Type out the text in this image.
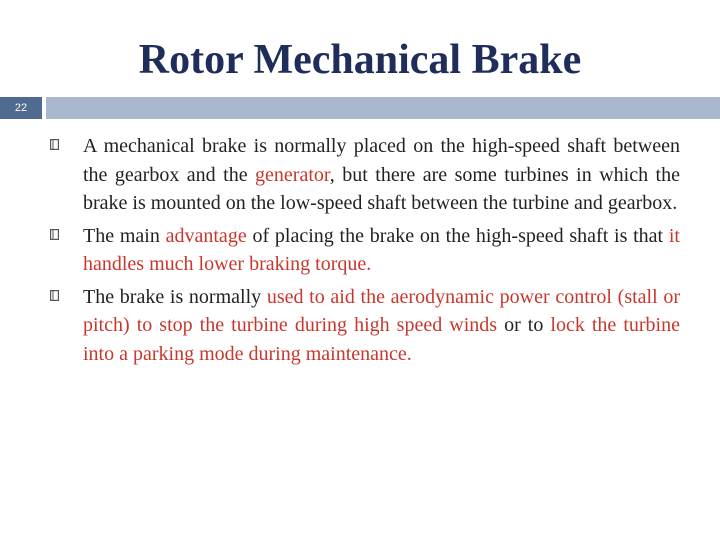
Rotor Mechanical Brake
22
A mechanical brake is normally placed on the high-speed shaft between the gearbox and the generator, but there are some turbines in which the brake is mounted on the low-speed shaft between the turbine and gearbox.
The main advantage of placing the brake on the high-speed shaft is that it handles much lower braking torque.
The brake is normally used to aid the aerodynamic power control (stall or pitch) to stop the turbine during high speed winds or to lock the turbine into a parking mode during maintenance.
